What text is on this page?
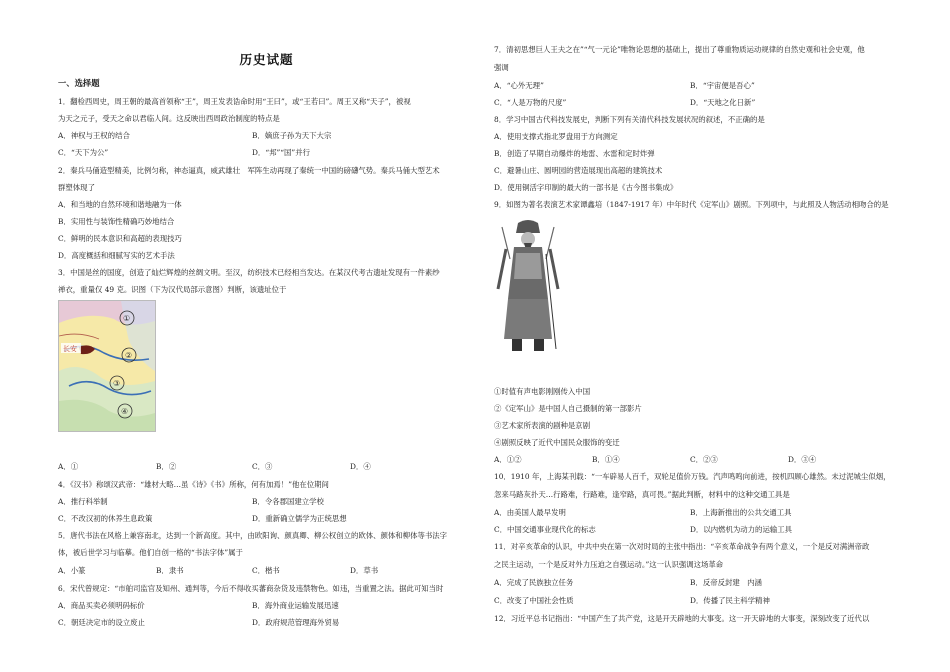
历史试题
一、选择题
1．翻检西周史，周王朝的最高首领称“王”，周王发表诰命时用“王曰”，或“王若曰”。周王又称“天子”，被视
为天之元子，受天之命以君临人间。这反映出西周政治制度的特点是
A．神权与王权的结合	B．嫡庶子孙为天下大宗
C．“天下为公”	D．“邦”“国”并行
2．秦兵马俑造型精美，比例匀称，神态逼真，威武雄壮　军阵生动再现了秦统一中国的磅礴气势。秦兵马俑大型艺术
群塑体现了
A．和当地的自然环境和谐地融为一体
B．实用性与装饰性精确巧妙地结合
C．鲜明的民本意识和高超的表现技巧
D．高度概括和细腻写实的艺术手法
3．中国是丝的国度，创造了灿烂辉煌的丝绸文明。至汉，纺织技术已经相当发达。在某汉代考古遗址发现有一件素纱
禅衣，重量仅 49 克。识图（下为汉代局部示意图）判断，该遗址位于
长安
①
②
③
④
A．①	B．②	C．③	D．④
4．《汉书》称颂汉武帝：“雄材大略…虽《诗》《书》所称，何有加焉！”他在位期间
A．推行科举制	B．令各郡国建立学校
C．不改汉初的休养生息政策	D．重新确立儒学为正统思想
5．唐代书法在风格上兼容南北，达到一个新高度。其中，由欧阳询、颜真卿、柳公权创立的欧体、颜体和柳体等书法字
体，被后世学习与临摹。他们自创一格的“书法字体”属于
A．小篆	B．隶书	C．楷书	D．草书
6．宋代曾规定：“市舶司监官及知州、通判等，今后不得收买蕃商杂货及违禁物色。如违，当重置之法。据此可知当时
A．商品买卖必须明码标价	B．海外商业运输发展迅速
C．朝廷决定市的设立废止	D．政府规范管理海外贸易
7．清初思想巨人王夫之在”“气一元论”唯物论思想的基础上，提出了尊重物质运动规律的自然史观和社会史观，他
强调
A．“心外无理”	B．“宇宙便是吾心”
C．“人是万物的尺度”	D．“天地之化日新”
8．学习中国古代科技发展史，判断下列有关清代科技发展状况的叙述，不正确的是
A．使用支撑式指北罗盘用于方向测定
B．创造了早期自动爆炸的地雷、水雷和定时炸弹
C．避暑山庄、圆明园的营造展现出高超的建筑技术
D．使用铜活字印制的最大的一部书是《古今图书集成》
9．如图为著名表演艺术家谭鑫培（1847-1917 年）中年时代《定军山》剧照。下列项中，与此照及人物活动相吻合的是
①时值有声电影刚刚传入中国
②《定军山》是中国人自己摄制的第一部影片
③艺术家所表演的剧种是京剧
④剧照反映了近代中国民众服饰的变迁
A．①②	B．①④	C．②③	D．③④
10．1910 年，上海某刊载：“一车辟易人百千，双轮足值价万钱。汽声鸣鸣向前进，按机四顾心雄然。未过泥城尘似烟，
忽来马路灰扑天…行路难，行路难，逢窄路，真可畏。”据此判断，材料中的这种交通工具是
A．由美国人最早发明	B．上海新推出的公共交通工具
C．中国交通事业现代化的标志	D．以内燃机为动力的运输工具
11．对辛亥革命的认识，中共中央在第一次对时局的主张中指出：“辛亥革命战争有两个意义，一个是反对满洲帝政
之民主运动，一个是反对外力压迫之自强运动。”这一认识强调这场革命
A．完成了民族独立任务	B．反帝反封建　内涵
C．改变了中国社会性质	D．传播了民主科学精神
12．习近平总书记指出：“中国产生了共产党，这是开天辟地的大事变。这一开天辟地的大事变，深刻改变了近代以
